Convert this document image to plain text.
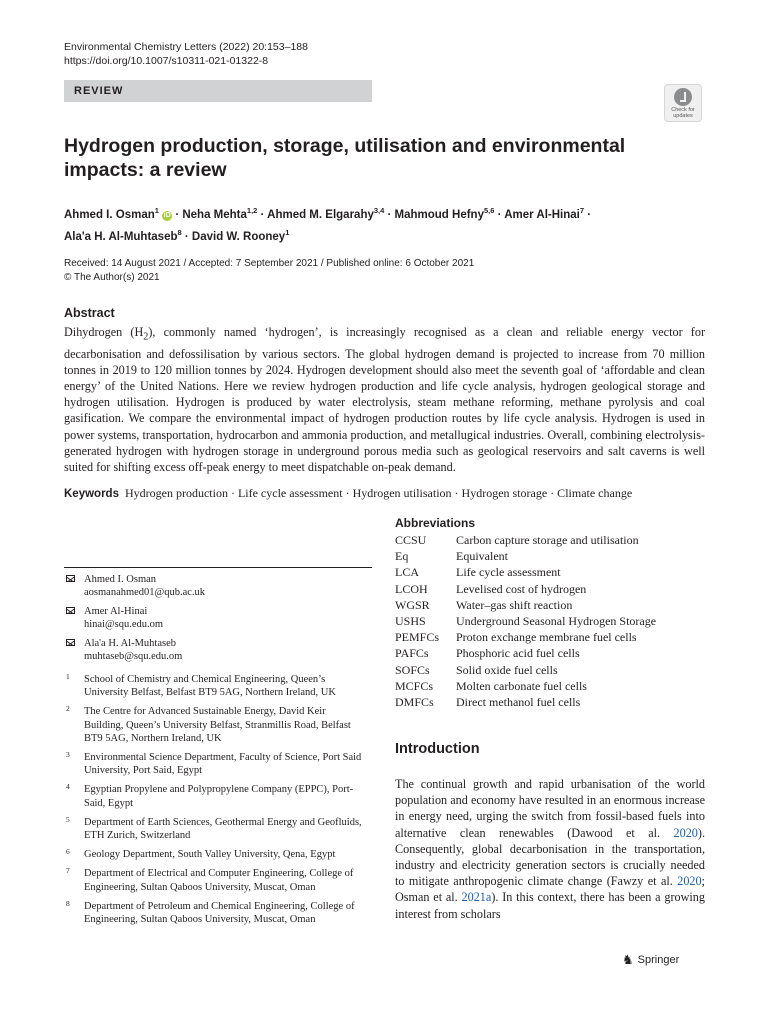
Environmental Chemistry Letters (2022) 20:153–188
https://doi.org/10.1007/s10311-021-01322-8
REVIEW
Check for updates
Hydrogen production, storage, utilisation and environmental impacts: a review
Ahmed I. Osman$^1$ iD · Neha Mehta$^{1,2}$ · Ahmed M. Elgarahy$^{3,4}$ · Mahmoud Hefny$^{5,6}$ · Amer Al-Hinai$^7$ ·
Ala'a H. Al-Muhtaseb$^8$ · David W. Rooney$^1$
Received: 14 August 2021 / Accepted: 7 September 2021 / Published online: 6 October 2021
© The Author(s) 2021
Abstract
Dihydrogen $(H_2)$, commonly named ‘hydrogen’, is increasingly recognised as a clean and reliable energy vector for decarbonisation and defossilisation by various sectors. The global hydrogen demand is projected to increase from 70 million tonnes in 2019 to 120 million tonnes by 2024. Hydrogen development should also meet the seventh goal of ‘affordable and clean energy’ of the United Nations. Here we review hydrogen production and life cycle analysis, hydrogen geological storage and hydrogen utilisation. Hydrogen is produced by water electrolysis, steam methane reforming, methane pyrolysis and coal gasification. We compare the environmental impact of hydrogen production routes by life cycle analysis. Hydrogen is used in power systems, transportation, hydrocarbon and ammonia production, and metallugical industries. Overall, combining electrolysis-generated hydrogen with hydrogen storage in underground porous media such as geological reservoirs and salt caverns is well suited for shifting excess off-peak energy to meet dispatchable on-peak demand.
Keywords Hydrogen production · Life cycle assessment · Hydrogen utilisation · Hydrogen storage · Climate change
Abbreviations
CCSU	Carbon capture storage and utilisation
Eq	Equivalent
LCA	Life cycle assessment
LCOH	Levelised cost of hydrogen
WGSR	Water–gas shift reaction
USHS	Underground Seasonal Hydrogen Storage
PEMFCs	Proton exchange membrane fuel cells
PAFCs	Phosphoric acid fuel cells
SOFCs	Solid oxide fuel cells
MCFCs	Molten carbonate fuel cells
DMFCs	Direct methanol fuel cells
Ahmed I. Osman
aosmanahmed01@qub.ac.uk
Amer Al-Hinai
hinai@squ.edu.om
Ala'a H. Al-Muhtaseb
muhtaseb@squ.edu.om
1 School of Chemistry and Chemical Engineering, Queen’s University Belfast, Belfast BT9 5AG, Northern Ireland, UK
2 The Centre for Advanced Sustainable Energy, David Keir Building, Queen’s University Belfast, Stranmillis Road, Belfast BT9 5AG, Northern Ireland, UK
3 Environmental Science Department, Faculty of Science, Port Said University, Port Said, Egypt
4 Egyptian Propylene and Polypropylene Company (EPPC), Port-Said, Egypt
5 Department of Earth Sciences, Geothermal Energy and Geofluids, ETH Zurich, Switzerland
6 Geology Department, South Valley University, Qena, Egypt
7 Department of Electrical and Computer Engineering, College of Engineering, Sultan Qaboos University, Muscat, Oman
8 Department of Petroleum and Chemical Engineering, College of Engineering, Sultan Qaboos University, Muscat, Oman
Introduction
The continual growth and rapid urbanisation of the world population and economy have resulted in an enormous increase in energy need, urging the switch from fossil-based fuels into alternative clean renewables (Dawood et al. 2020). Consequently, global decarbonisation in the transportation, industry and electricity generation sectors is crucially needed to mitigate anthropogenic climate change (Fawzy et al. 2020; Osman et al. 2021a). In this context, there has been a growing interest from scholars
♞ Springer
